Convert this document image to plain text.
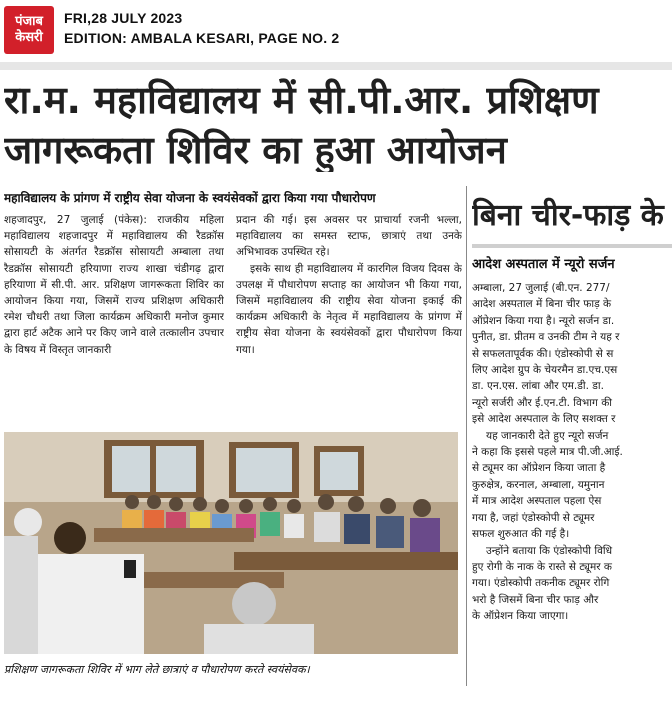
पंजाब
केसरी
FRI,28 JULY 2023
EDITION: AMBALA KESARI, PAGE NO. 2
रा.म. महाविद्यालय में सी.पी.आर. प्रशिक्षण
जागरूकता शिविर का हुआ आयोजन
महाविद्यालय के प्रांगण में राष्ट्रीय सेवा योजना के स्वयंसेवकों द्वारा किया गया पौधारोपण

शहजादपुर, 27 जुलाई (पंकेस): राजकीय महिला महाविद्यालय शहजादपुर में महाविद्यालय की रैडक्रॉस सोसायटी के अंतर्गत रैडक्रॉस सोसायटी अम्बाला तथा रैडक्रॉस सोसायटी हरियाणा राज्य शाखा चंडीगढ़ द्वारा हरियाणा में सी.पी. आर. प्रशिक्षण जागरूकता शिविर का आयोजन किया गया, जिसमें राज्य प्रशिक्षण अधिकारी रमेश चौधरी तथा जिला कार्यक्रम अधिकारी मनोज कुमार द्वारा हार्ट अटैक आने पर किए जाने वाले तत्कालीन उपचार के विषय में विस्तृत जानकारी

प्रदान की गई। इस अवसर पर प्राचार्या रजनी भल्ला, महाविद्यालय का समस्त स्टाफ, छात्राएं तथा उनके अभिभावक उपस्थित रहे।

इसके साथ ही महाविद्यालय में कारगिल विजय दिवस के उपलक्ष में पौधारोपण सप्ताह का आयोजन भी किया गया, जिसमें महाविद्यालय की राष्ट्रीय सेवा योजना इकाई की कार्यक्रम अधिकारी के नेतृत्व में महाविद्यालय के प्रांगण में राष्ट्रीय सेवा योजना के स्वयंसेवकों द्वारा पौधारोपण किया गया।

प्रशिक्षण जागरूकता शिविर में भाग लेते छात्राएं व पौधारोपण करते स्वयंसेवक।
बिना चीर-फाड़ के
आदेश अस्पताल में न्यूरो सर्जन

अम्बाला, 27 जुलाई (बी.एन. 277/

आदेश अस्पताल में बिना चीर फाड़ के

ऑप्रेशन किया गया है। न्यूरो सर्जन डा.

पुनीत, डा. प्रीतम व उनकी टीम ने यह र

से सफलतापूर्वक की। एंडोस्कोपी से स

लिए आदेश ग्रुप के चेयरमैन डा.एच.एस

डा. एन.एस. लांबा और एम.डी. डा.

न्यूरो सर्जरी और ई.एन.टी. विभाग की

इसे आदेश अस्पताल के लिए सशक्त र

यह जानकारी देते हुए न्यूरो सर्जन

ने कहा कि इससे पहले मात्र पी.जी.आई.

से ट्यूमर का ऑप्रेशन किया जाता है

कुरुक्षेत्र, करनाल, अम्बाला, यमुनान

में मात्र आदेश अस्पताल पहला ऐस

गया है, जहां एंडोस्कोपी से ट्यूमर

सफल शुरुआत की गई है।

उन्होंने बताया कि एंडोस्कोपी विधि

हुए रोगी के नाक के रास्ते से ट्यूमर क

गया। एंडोस्कोपी तकनीक ट्यूमर रोगि

भरो है जिसमें बिना चीर फाड़ और

के ऑप्रेशन किया जाएगा।
